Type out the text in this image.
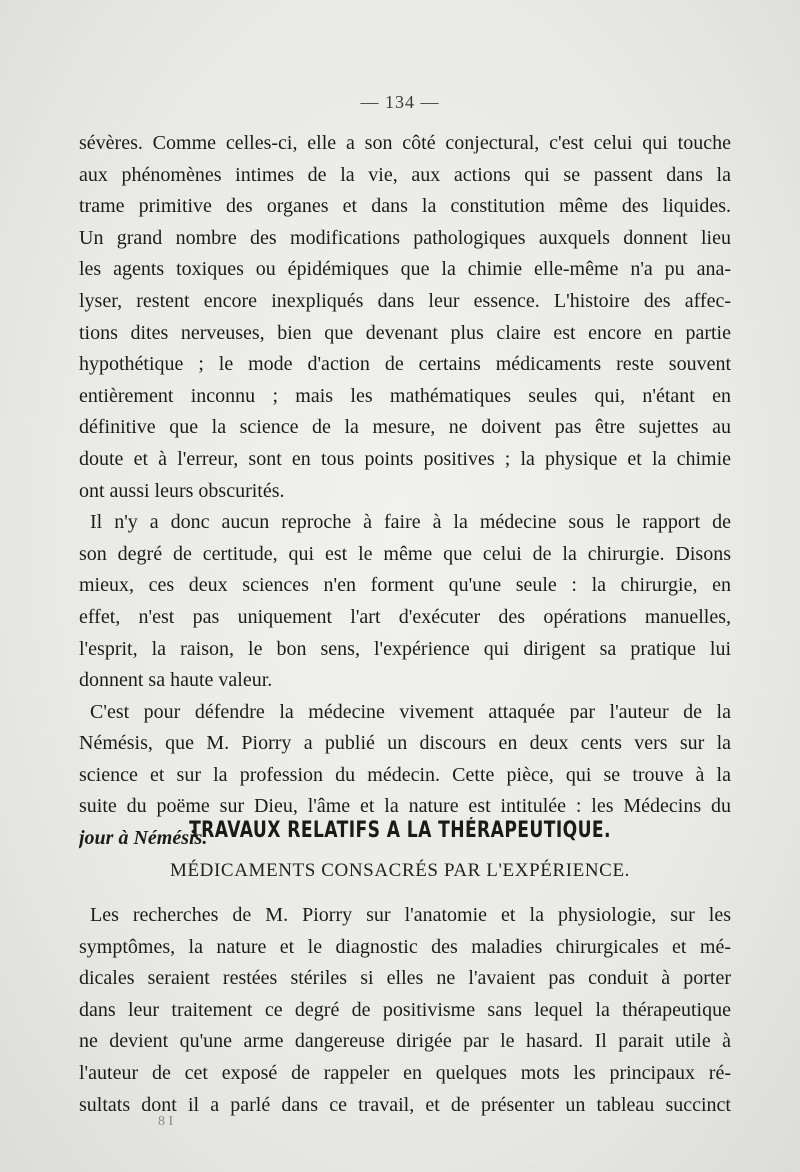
— 134 —
sévères. Comme celles-ci, elle a son côté conjectural, c'est celui qui touche
aux phénomènes intimes de la vie, aux actions qui se passent dans la
trame primitive des organes et dans la constitution même des liquides.
Un grand nombre des modifications pathologiques auxquels donnent lieu
les agents toxiques ou épidémiques que la chimie elle-même n'a pu ana-
lyser, restent encore inexpliqués dans leur essence. L'histoire des affec-
tions dites nerveuses, bien que devenant plus claire est encore en partie
hypothétique ; le mode d'action de certains médicaments reste souvent
entièrement inconnu ; mais les mathématiques seules qui, n'étant en
définitive que la science de la mesure, ne doivent pas être sujettes au
doute et à l'erreur, sont en tous points positives ; la physique et la chimie
ont aussi leurs obscurités.
Il n'y a donc aucun reproche à faire à la médecine sous le rapport de
son degré de certitude, qui est le même que celui de la chirurgie. Disons
mieux, ces deux sciences n'en forment qu'une seule : la chirurgie, en
effet, n'est pas uniquement l'art d'exécuter des opérations manuelles,
l'esprit, la raison, le bon sens, l'expérience qui dirigent sa pratique lui
donnent sa haute valeur.
C'est pour défendre la médecine vivement attaquée par l'auteur de la
Némésis, que M. Piorry a publié un discours en deux cents vers sur la
science et sur la profession du médecin. Cette pièce, qui se trouve à la
suite du poëme sur Dieu, l'âme et la nature est intitulée : les Médecins du
jour à Némésis.
TRAVAUX RELATIFS A LA THÉRAPEUTIQUE.
MÉDICAMENTS CONSACRÉS PAR L'EXPÉRIENCE.
Les recherches de M. Piorry sur l'anatomie et la physiologie, sur les
symptômes, la nature et le diagnostic des maladies chirurgicales et mé-
dicales seraient restées stériles si elles ne l'avaient pas conduit à porter
dans leur traitement ce degré de positivisme sans lequel la thérapeutique
ne devient qu'une arme dangereuse dirigée par le hasard. Il parait utile à
l'auteur de cet exposé de rappeler en quelques mots les principaux ré-
sultats dont il a parlé dans ce travail, et de présenter un tableau succinct
8 I
